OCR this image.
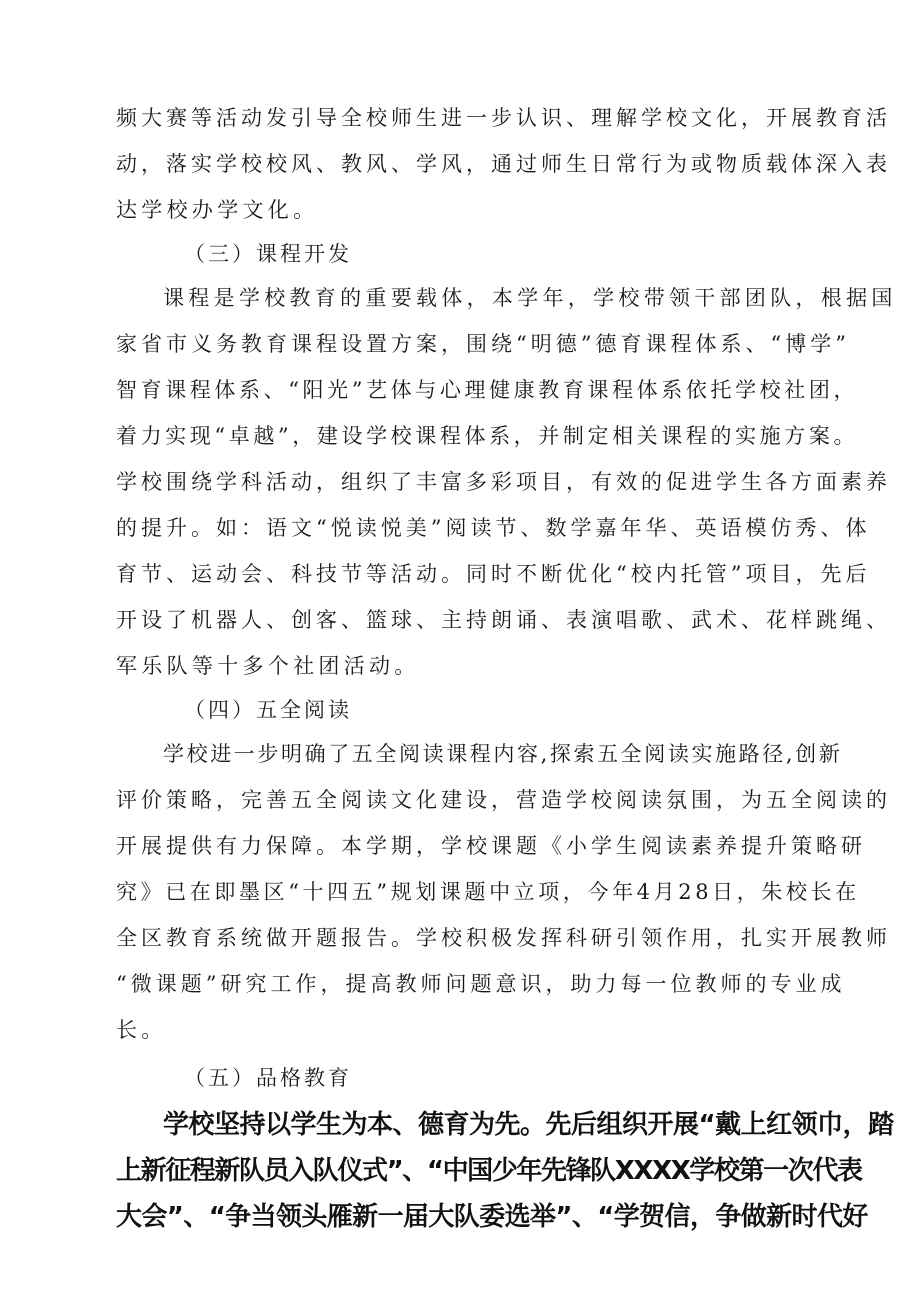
频大赛等活动发引导全校师生进一步认识、理解学校文化，开展教育活
动，落实学校校风、教风、学风，通过师生日常行为或物质载体深入表
达学校办学文化。
（三）课程开发
课程是学校教育的重要载体，本学年，学校带领干部团队，根据国
家省市义务教育课程设置方案，围绕“明德”德育课程体系、“博学”
智育课程体系、“阳光”艺体与心理健康教育课程体系依托学校社团，
着力实现“卓越”，建设学校课程体系，并制定相关课程的实施方案。
学校围绕学科活动，组织了丰富多彩项目，有效的促进学生各方面素养
的提升。如：语文“悦读悦美”阅读节、数学嘉年华、英语模仿秀、体
育节、运动会、科技节等活动。同时不断优化“校内托管”项目，先后
开设了机器人、创客、篮球、主持朗诵、表演唱歌、武术、花样跳绳、
军乐队等十多个社团活动。
（四）五全阅读
学校进一步明确了五全阅读课程内容,探索五全阅读实施路径,创新
评价策略，完善五全阅读文化建设，营造学校阅读氛围，为五全阅读的
开展提供有力保障。本学期，学校课题《小学生阅读素养提升策略研
究》已在即墨区“十四五”规划课题中立项，今年4月28日，朱校长在
全区教育系统做开题报告。学校积极发挥科研引领作用，扎实开展教师
“微课题”研究工作，提高教师问题意识，助力每一位教师的专业成
长。
（五）品格教育
学校坚持以学生为本、德育为先。先后组织开展“戴上红领巾，踏
上新征程新队员入队仪式”、“中国少年先锋队XXXX学校第一次代表
大会”、“争当领头雁新一届大队委选举”、“学贺信，争做新时代好
